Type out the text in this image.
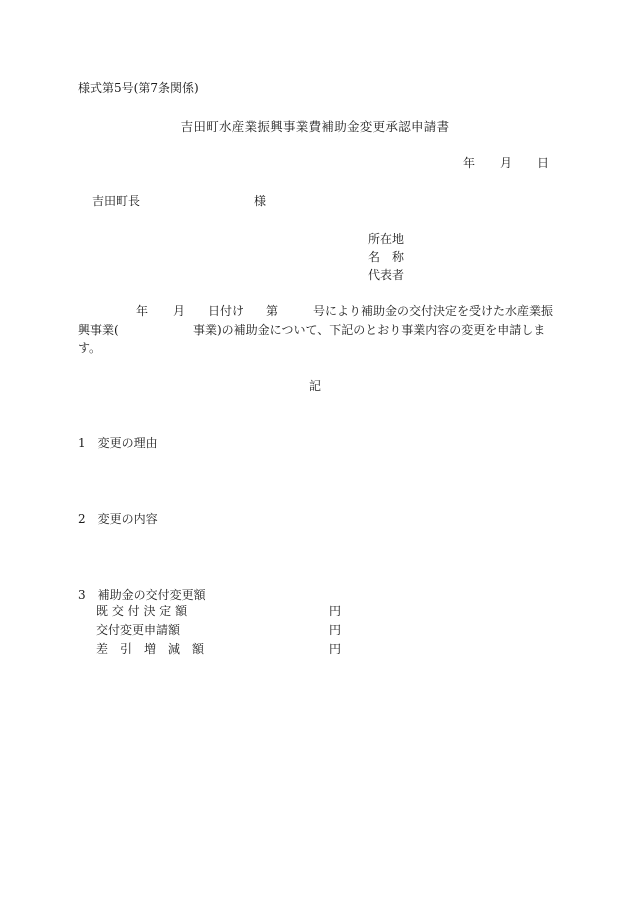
様式第5号(第7条関係)
吉田町水産業振興事業費補助金変更承認申請書
年 月 日
吉田町長	様
所在地
名　称
代表者
年 月 日付け 第	号により補助金の交付決定を受けた水産業振
興事業(	事業)の補助金について、下記のとおり事業内容の変更を申請しま
す。
記
1 変更の理由
2 変更の内容
3 補助金の交付変更額
既 交 付 決 定 額	円
交付変更申請額	円
差　引　増　減　額	円
